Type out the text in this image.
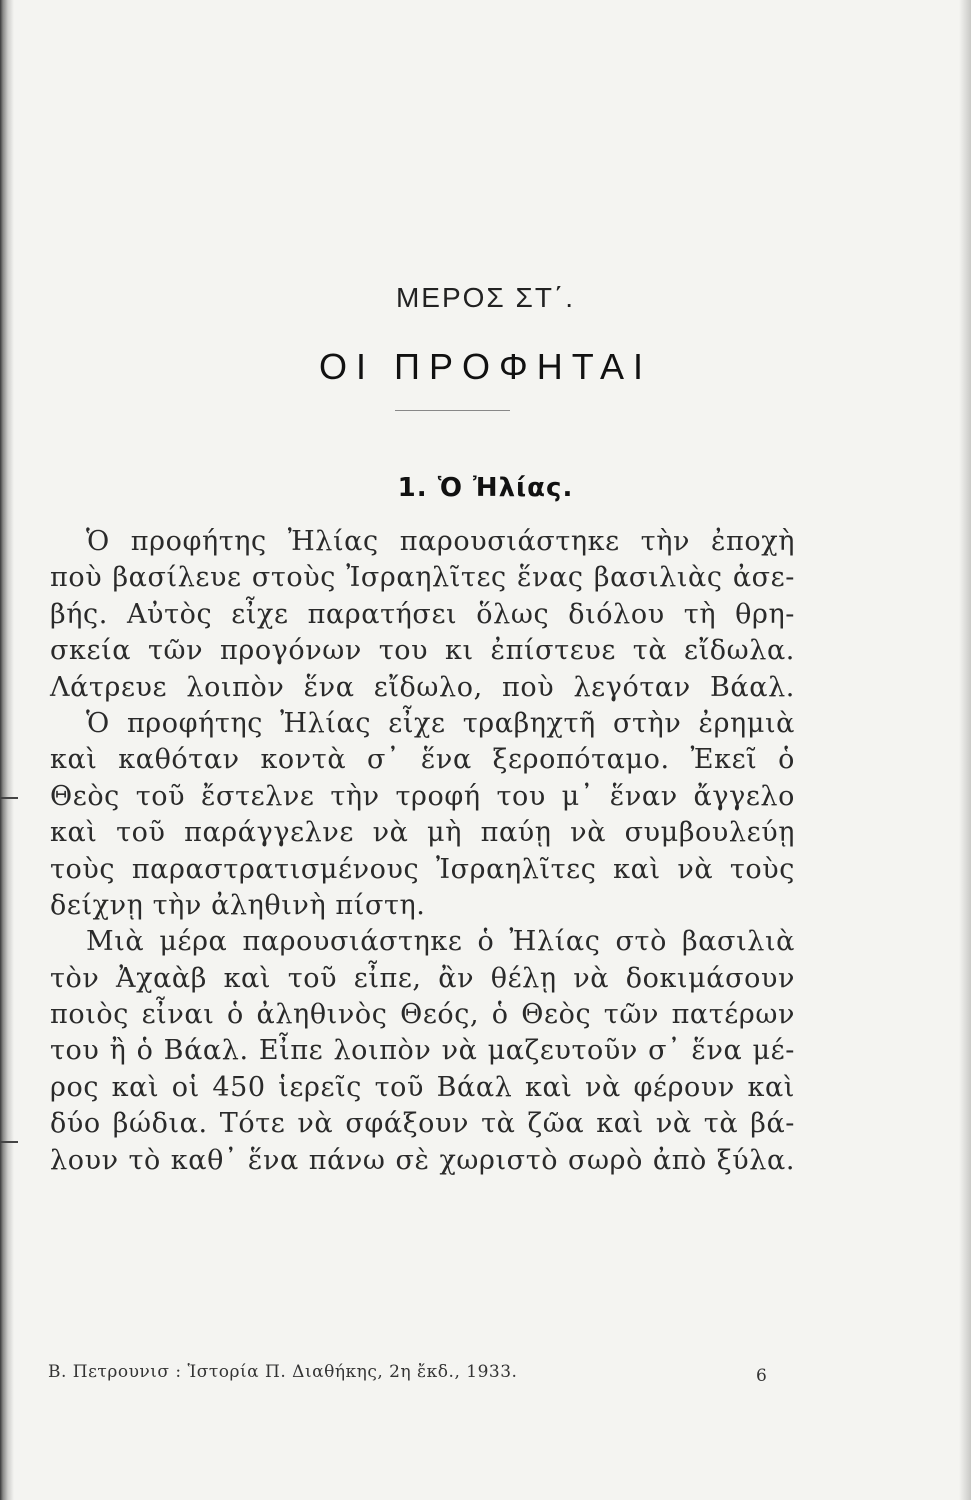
ΜΕΡΟΣ ΣΤ΄.
ΟΙ ΠΡΟΦΗΤΑΙ
1. Ὁ Ἠλίας.
Ὁ προφήτης Ἠλίας παρουσιάστηκε τὴν ἐποχὴ
ποὺ βασίλευε στοὺς Ἰσραηλῖτες ἕνας βασιλιὰς ἀσε-
βής. Αὐτὸς εἶχε παρατήσει ὅλως διόλου τὴ θρη-
σκεία τῶν προγόνων του κι ἐπίστευε τὰ εἴδωλα.
Λάτρευε λοιπὸν ἕνα εἴδωλο, ποὺ λεγόταν Βάαλ.
Ὁ προφήτης Ἠλίας εἶχε τραβηχτῆ στὴν ἐρημιὰ
καὶ καθόταν κοντὰ σ᾿ ἕνα ξεροπόταμο. Ἐκεῖ ὁ
Θεὸς τοῦ ἔστελνε τὴν τροφή του μ᾿ ἕναν ἄγγελο
καὶ τοῦ παράγγελνε νὰ μὴ παύῃ νὰ συμβουλεύῃ
τοὺς παραστρατισμένους Ἰσραηλῖτες καὶ νὰ τοὺς
δείχνῃ τὴν ἀληθινὴ πίστη.
Μιὰ μέρα παρουσιάστηκε ὁ Ἠλίας στὸ βασιλιὰ
τὸν Ἀχαὰβ καὶ τοῦ εἶπε, ἂν θέλῃ νὰ δοκιμάσουν
ποιὸς εἶναι ὁ ἀληθινὸς Θεός, ὁ Θεὸς τῶν πατέρων
του ἢ ὁ Βάαλ. Εἶπε λοιπὸν νὰ μαζευτοῦν σ᾿ ἕνα μέ-
ρος καὶ οἱ 450 ἱερεῖς τοῦ Βάαλ καὶ νὰ φέρουν καὶ
δύο βώδια. Τότε νὰ σφάξουν τὰ ζῶα καὶ νὰ τὰ βά-
λουν τὸ καθ᾿ ἕνα πάνω σὲ χωριστὸ σωρὸ ἀπὸ ξύλα.
Β. Πετρουνισ : Ἱστορία Π. Διαθήκης, 2η ἔκδ., 1933.	6
